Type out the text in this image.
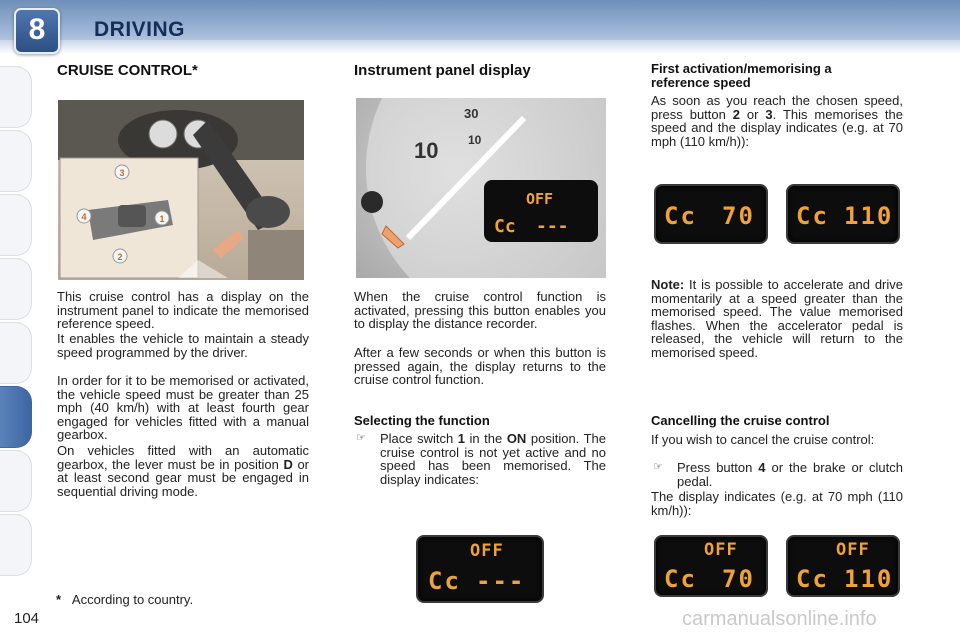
8	DRIVING
CRUISE CONTROL*
3
4	1
2
This cruise control has a display on the instrument panel to indicate the memorised reference speed.
It enables the vehicle to maintain a steady speed programmed by the driver.
In order for it to be memorised or activated, the vehicle speed must be greater than 25 mph (40 km/h) with at least fourth gear engaged for vehicles fitted with a manual gearbox.
On vehicles fitted with an automatic gearbox, the lever must be in position D or at least second gear must be engaged in sequential driving mode.
Instrument panel display
OFF
Cc ---
30
10 10
When the cruise control function is activated, pressing this button enables you to display the distance recorder.
After a few seconds or when this button is pressed again, the display returns to the cruise control function.
Selecting the function
☞ Place switch 1 in the ON position. The cruise control is not yet active and no speed has been memorised. The display indicates:
OFF
Cc ---
First activation/memorising a reference speed
As soon as you reach the chosen speed, press button 2 or 3. This memorises the speed and the display indicates (e.g. at 70 mph (110 km/h)):
Cc 70 Cc 110
Note: It is possible to accelerate and drive momentarily at a speed greater than the memorised speed. The value memorised flashes. When the accelerator pedal is released, the vehicle will return to the memorised speed.
Cancelling the cruise control
If you wish to cancel the cruise control:
☞ Press button 4 or the brake or clutch pedal.
The display indicates (e.g. at 70 mph (110 km/h)):
OFF
Cc 70
OFF
Cc 110
* According to country.
104	carmanualsonline.info
